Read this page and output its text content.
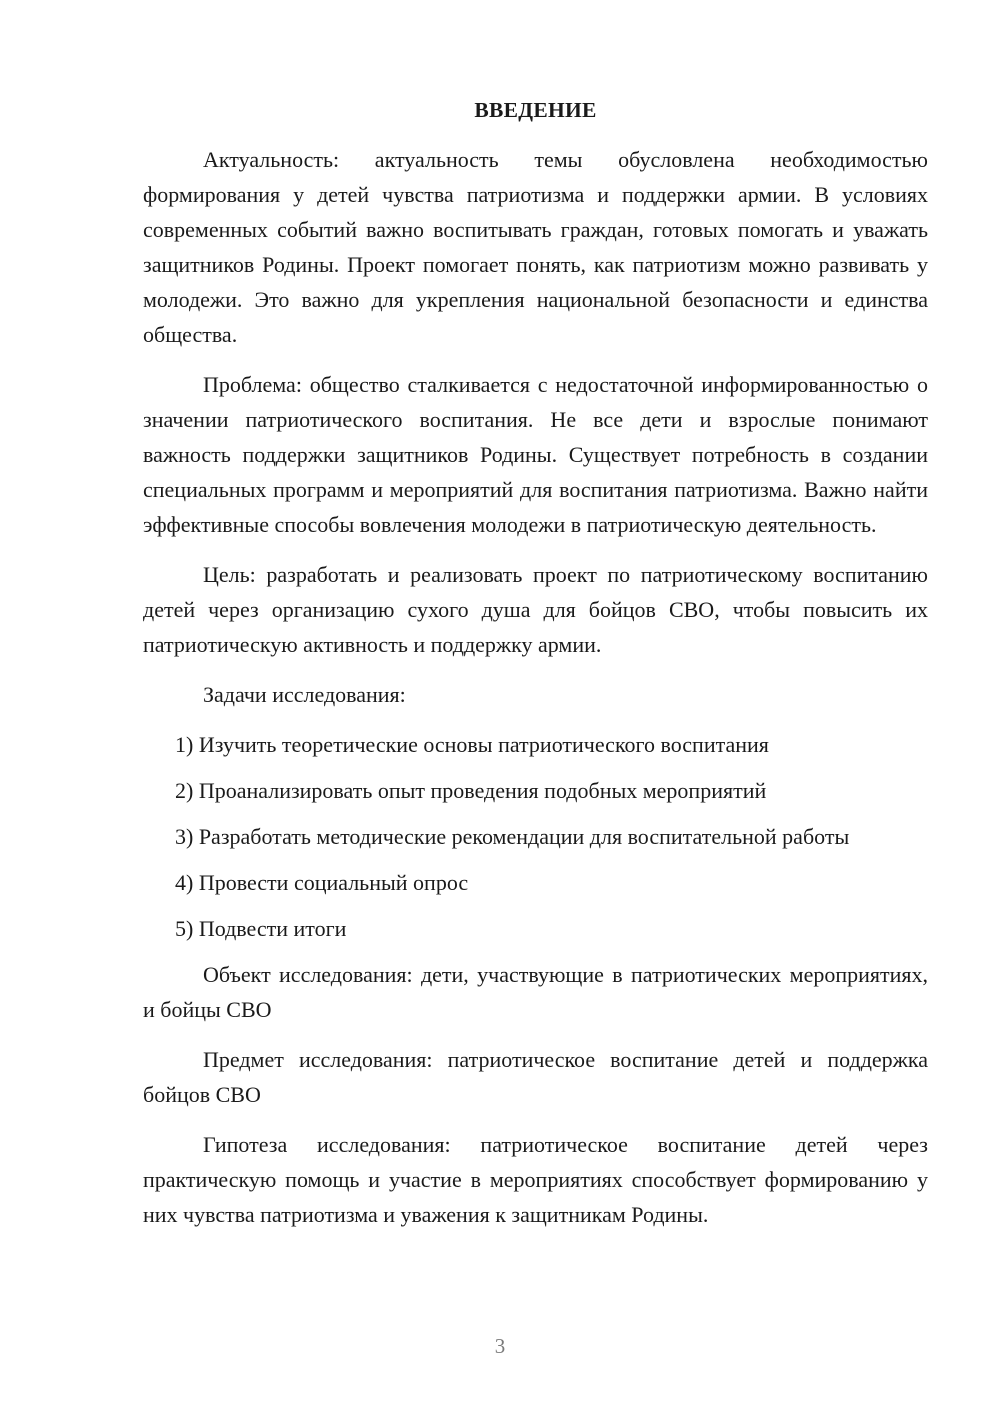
ВВЕДЕНИЕ

Актуальность: актуальность темы обусловлена необходимостью формирования у детей чувства патриотизма и поддержки армии. В условиях современных событий важно воспитывать граждан, готовых помогать и уважать защитников Родины. Проект помогает понять, как патриотизм можно развивать у молодежи. Это важно для укрепления национальной безопасности и единства общества.

Проблема: общество сталкивается с недостаточной информированностью о значении патриотического воспитания. Не все дети и взрослые понимают важность поддержки защитников Родины. Существует потребность в создании специальных программ и мероприятий для воспитания патриотизма. Важно найти эффективные способы вовлечения молодежи в патриотическую деятельность.

Цель: разработать и реализовать проект по патриотическому воспитанию детей через организацию сухого душа для бойцов СВО, чтобы повысить их патриотическую активность и поддержку армии.

Задачи исследования:

1) Изучить теоретические основы патриотического воспитания

2) Проанализировать опыт проведения подобных мероприятий

3) Разработать методические рекомендации для воспитательной работы

4) Провести социальный опрос

5) Подвести итоги

Объект исследования: дети, участвующие в патриотических мероприятиях, и бойцы СВО

Предмет исследования: патриотическое воспитание детей и поддержка бойцов СВО

Гипотеза исследования: патриотическое воспитание детей через практическую помощь и участие в мероприятиях способствует формированию у них чувства патриотизма и уважения к защитникам Родины.

3
